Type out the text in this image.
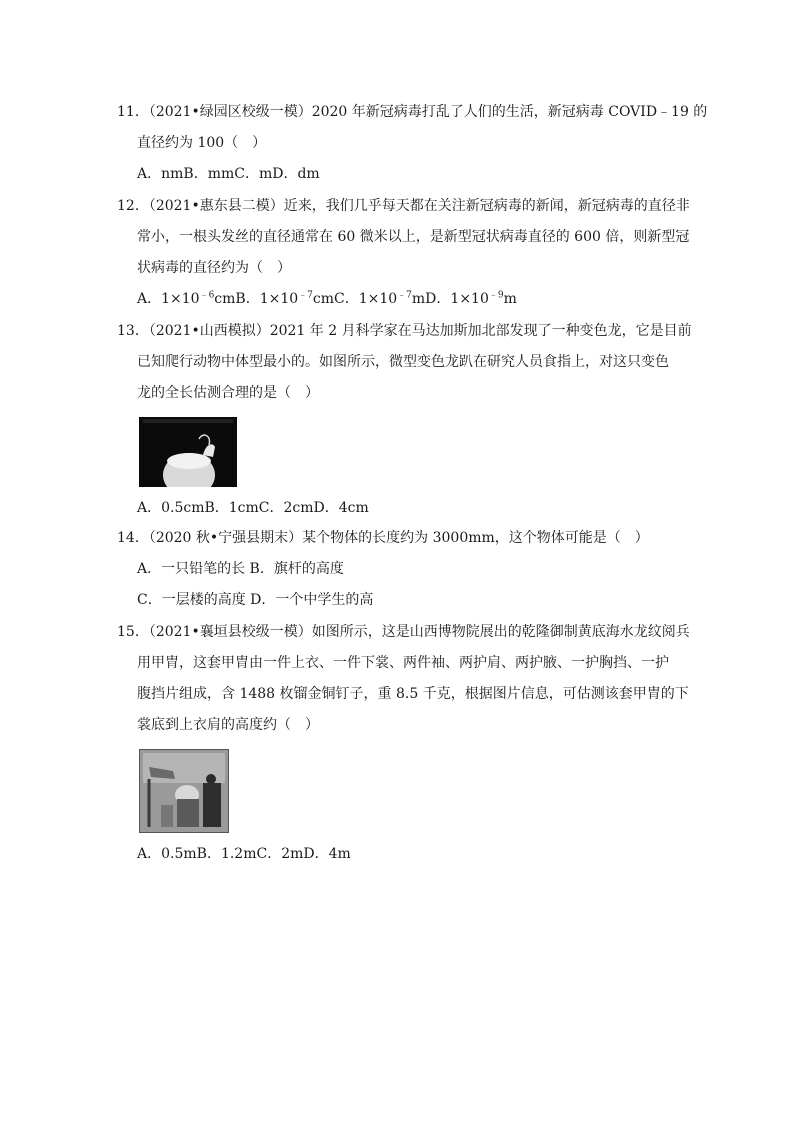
11．（2021•绿园区校级一模）2020 年新冠病毒打乱了人们的生活，新冠病毒 COVID﹣19 的
直径约为 100（　）
A．nmB．mmC．mD．dm
12．（2021•惠东县二模）近来，我们几乎每天都在关注新冠病毒的新闻，新冠病毒的直径非
常小，一根头发丝的直径通常在 60 微米以上，是新型冠状病毒直径的 600 倍，则新型冠
状病毒的直径约为（　）
A．$1\times 10^{﹣6}cmB$．$1\times 10^{﹣7}cmC$．$1\times 10^{﹣7}mD$．$1\times 10^{﹣9}m$
13．（2021•山西模拟）2021 年 2 月科学家在马达加斯加北部发现了一种变色龙，它是目前
已知爬行动物中体型最小的。如图所示，微型变色龙趴在研究人员食指上，对这只变色
龙的全长估测合理的是（　）
A．0.5cmB．1cmC．2cmD．4cm
14．（2020 秋•宁强县期末）某个物体的长度约为 3000mm，这个物体可能是（　）
A．一只铅笔的长 B．旗杆的高度
C．一层楼的高度 D．一个中学生的高
15．（2021•襄垣县校级一模）如图所示，这是山西博物院展出的乾隆御制黄底海水龙纹阅兵
用甲胄，这套甲胄由一件上衣、一件下裳、两件袖、两护肩、两护腋、一护胸挡、一护
腹挡片组成，含 1488 枚镏金铜钉子，重 8.5 千克，根据图片信息，可估测该套甲胄的下
裳底到上衣肩的高度约（　）
A．0.5mB．1.2mC．2mD．4m
